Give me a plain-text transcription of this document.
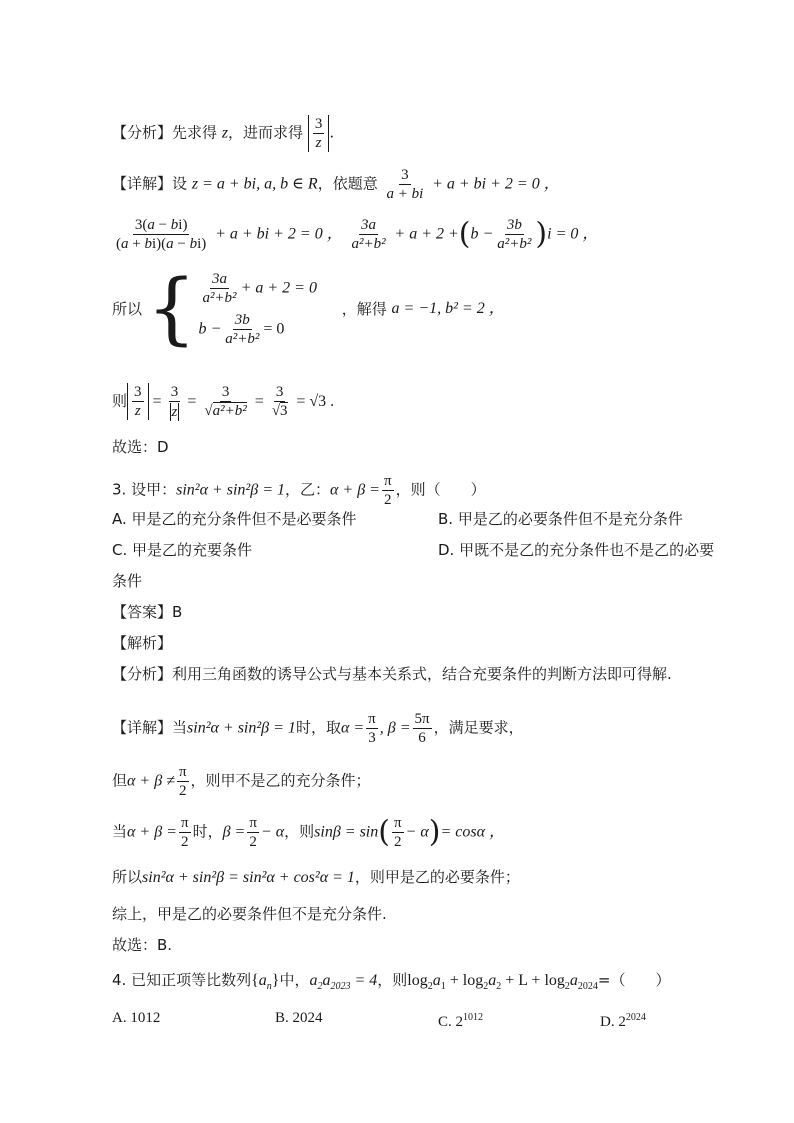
【分析】先求得 z，进而求得 $\frac{3}{z}$ .
【详解】设 z = a + bi, a, b ∈ R，依题意 $\frac{3}{a + bi} + a$ + bi + 2 = 0 ，
$\frac{3(a - bi)}{(a + bi)(a - bi)} + a$ + bi + 2 = 0 ， $\frac{3a}{\text{a²+b²}} + a + 2 +(b - \frac{3b}{\text{a²+b²}} )i = 0$ ，
所以 { $\frac{3a}{\text{a²+b²}} + a + 2 = 0$
$b - \frac{3b}{\text{a²+b²}} = 0$
，解得 a = −1, b² = 2 ，
则 $\frac{3}{z} = \frac{3}{z} = \frac{3}{\text{√a²+b²}} = \frac{3}{√3} = √3$ .
故选：D
3. 设甲：sin²α + sin²β = 1，乙：$\alpha + \beta = \frac{\pi}{2}$ ，则（　　）
A. 甲是乙的充分条件但不是必要条件	B. 甲是乙的必要条件但不是充分条件
C. 甲是乙的充要条件	D. 甲既不是乙的充分条件也不是乙的必要
条件
【答案】B
【解析】
【分析】利用三角函数的诱导公式与基本关系式，结合充要条件的判断方法即可得解.
【详解】当sin²α + sin²β = 1时，取$\alpha = \frac{\pi}{3}$ , $\beta = \frac{5\pi}{6}$ ，满足要求，
但$\alpha + \beta \ne \frac{\pi}{2}$ ，则甲不是乙的充分条件；
当$\alpha + \beta = \frac{\pi}{2}$ 时，$\beta = \frac{\pi}{2} - \alpha$，则$\sin\beta = \sin( \frac{\pi}{2} - \alpha)= \cos\alpha$ ，
所以sin²α + sin²β = sin²α + cos²α = 1，则甲是乙的必要条件；
综上，甲是乙的必要条件但不是充分条件.
故选：B.
4. 已知正项等比数列$\{a_n\}$中，$a_2a_{2023} = 4$，则$\log_2a_1 + \log_2a_2 + L + \log_2a_{2024}=$（　　）
A. 1012	B. 2024	C. $2^{1012}$	D. $2^{2024}$
